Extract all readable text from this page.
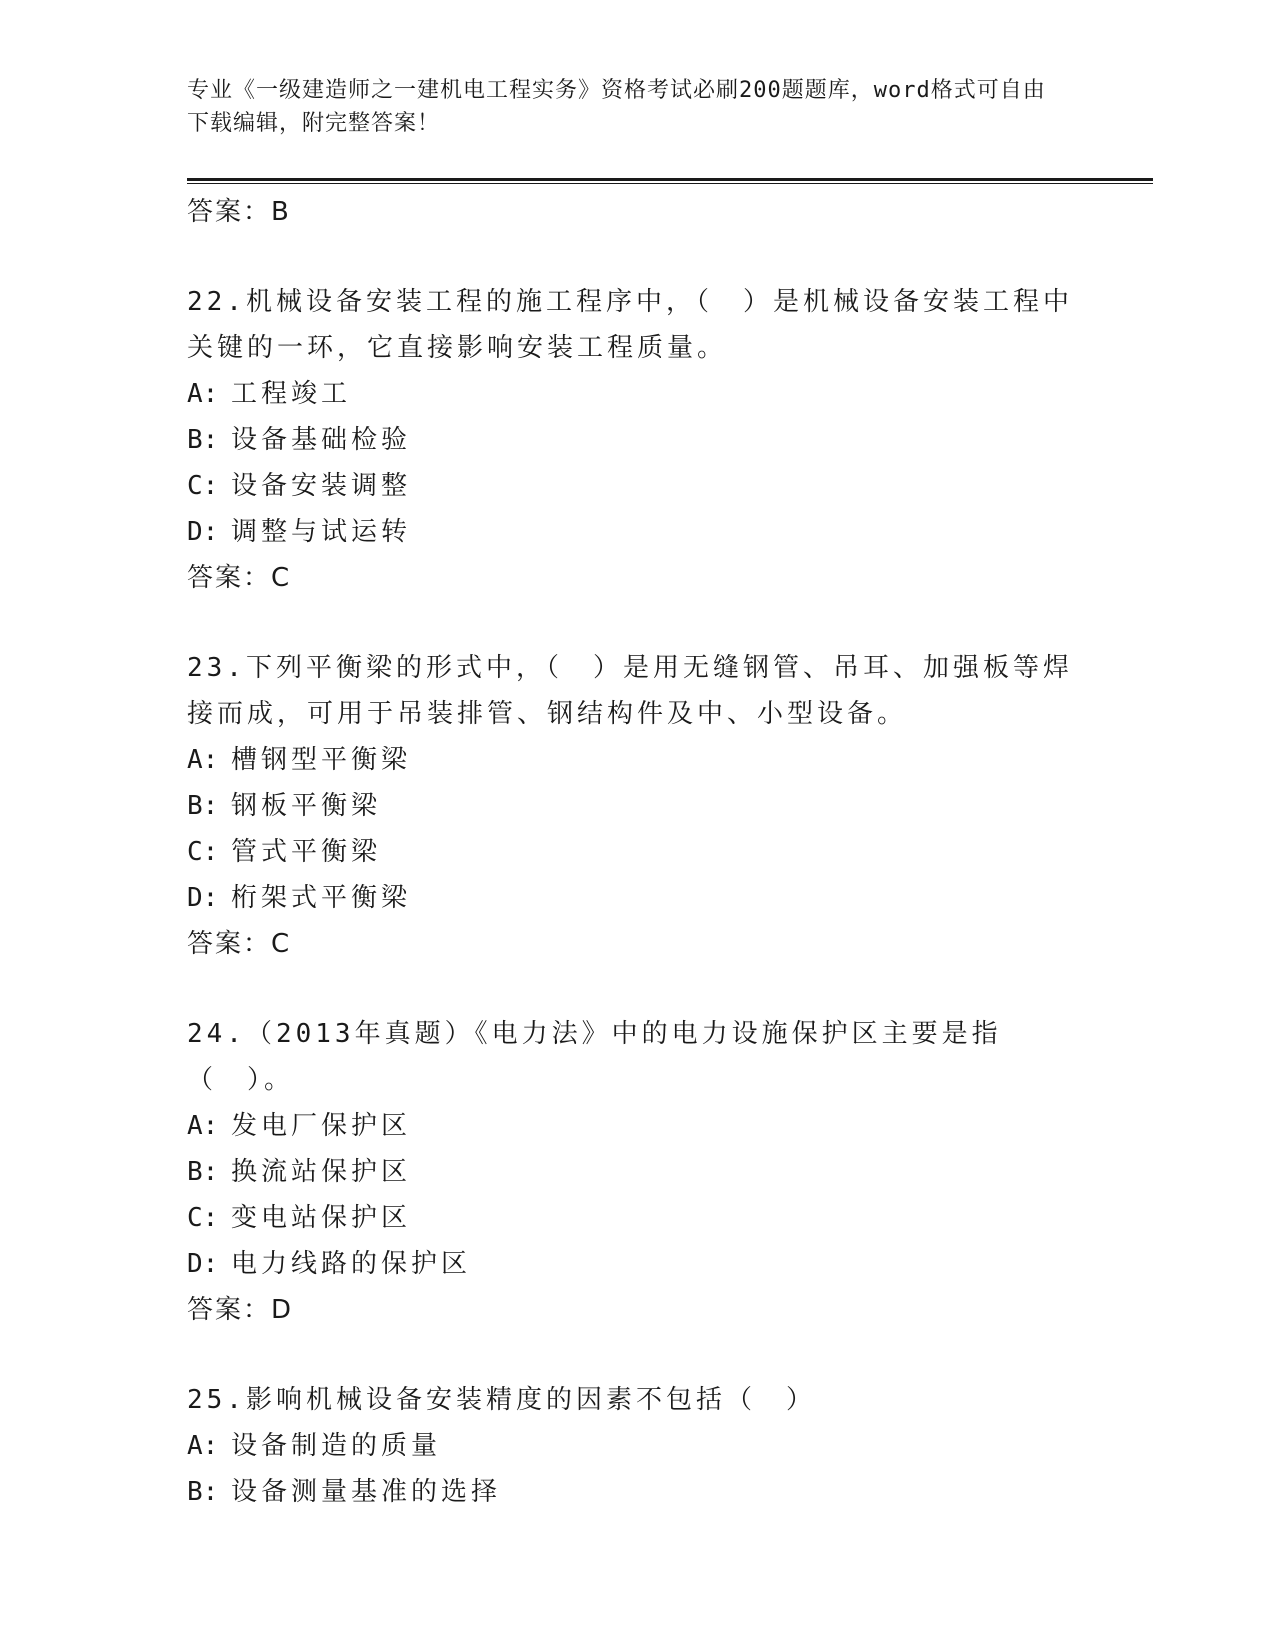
专业《一级建造师之一建机电工程实务》资格考试必刷200题题库，word格式可自由下载编辑，附完整答案！
答案：B
22.机械设备安装工程的施工程序中，（　）是机械设备安装工程中关键的一环，它直接影响安装工程质量。
A: 工程竣工
B: 设备基础检验
C: 设备安装调整
D: 调整与试运转
答案：C
23.下列平衡梁的形式中，（　）是用无缝钢管、吊耳、加强板等焊接而成，可用于吊装排管、钢结构件及中、小型设备。
A: 槽钢型平衡梁
B: 钢板平衡梁
C: 管式平衡梁
D: 桁架式平衡梁
答案：C
24.（2013年真题）《电力法》中的电力设施保护区主要是指（　）。
A: 发电厂保护区
B: 换流站保护区
C: 变电站保护区
D: 电力线路的保护区
答案：D
25.影响机械设备安装精度的因素不包括（　）
A: 设备制造的质量
B: 设备测量基准的选择
